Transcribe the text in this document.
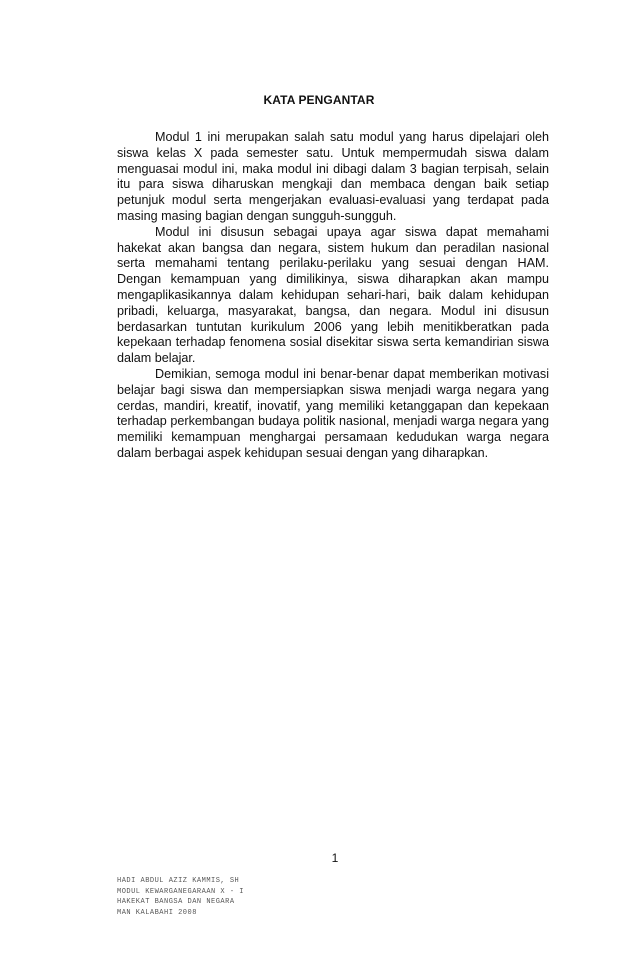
KATA PENGANTAR

Modul 1 ini merupakan salah satu modul yang harus dipelajari oleh siswa kelas X pada semester satu. Untuk mempermudah siswa dalam menguasai modul ini, maka modul ini dibagi dalam 3 bagian terpisah, selain itu para siswa diharuskan mengkaji dan membaca dengan baik setiap petunjuk modul serta mengerjakan evaluasi-evaluasi yang terdapat pada masing masing bagian dengan sungguh-sungguh.

Modul ini disusun sebagai upaya agar siswa dapat memahami hakekat akan bangsa dan negara, sistem hukum dan peradilan nasional serta memahami tentang perilaku-perilaku yang sesuai dengan HAM. Dengan kemampuan yang dimilikinya, siswa diharapkan akan mampu mengaplikasikannya dalam kehidupan sehari-hari, baik dalam kehidupan pribadi, keluarga, masyarakat, bangsa, dan negara. Modul ini disusun berdasarkan tuntutan kurikulum 2006 yang lebih menitikberatkan pada kepekaan terhadap fenomena sosial disekitar siswa serta kemandirian siswa dalam belajar.

Demikian, semoga modul ini benar-benar dapat memberikan motivasi belajar bagi siswa dan mempersiapkan siswa menjadi warga negara yang cerdas, mandiri, kreatif, inovatif, yang memiliki ketanggapan dan kepekaan terhadap perkembangan budaya politik nasional, menjadi warga negara yang memiliki kemampuan menghargai persamaan kedudukan warga negara dalam berbagai aspek kehidupan sesuai dengan yang diharapkan.

1
HADI ABDUL AZIZ KAMMIS, SH
MODUL KEWARGANEGARAAN X - I
HAKEKAT BANGSA DAN NEGARA
MAN KALABAHI 2008
